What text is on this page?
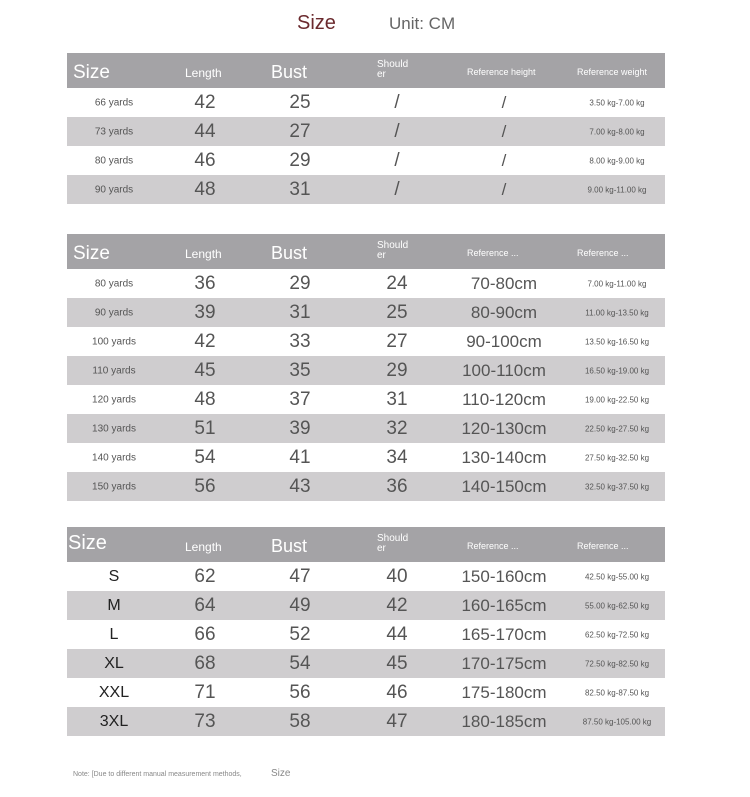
Size	Unit: CM
Size	Length	Bust	Shoulder	Reference height	Reference weight
66 yards	42	25	/	/	3.50 kg-7.00 kg
73 yards	44	27	/	/	7.00 kg-8.00 kg
80 yards	46	29	/	/	8.00 kg-9.00 kg
90 yards	48	31	/	/	9.00 kg-11.00 kg
Size	Length	Bust	Shoulder	Reference ...	Reference ...
80 yards	36	29	24	70-80cm	7.00 kg-11.00 kg
90 yards	39	31	25	80-90cm	11.00 kg-13.50 kg
100 yards	42	33	27	90-100cm	13.50 kg-16.50 kg
110 yards	45	35	29	100-110cm	16.50 kg-19.00 kg
120 yards	48	37	31	110-120cm	19.00 kg-22.50 kg
130 yards	51	39	32	120-130cm	22.50 kg-27.50 kg
140 yards	54	41	34	130-140cm	27.50 kg-32.50 kg
150 yards	56	43	36	140-150cm	32.50 kg-37.50 kg
Size	Length	Bust	Shoulder	Reference ...	Reference ...
S	62	47	40	150-160cm	42.50 kg-55.00 kg
M	64	49	42	160-165cm	55.00 kg-62.50 kg
L	66	52	44	165-170cm	62.50 kg-72.50 kg
XL	68	54	45	170-175cm	72.50 kg-82.50 kg
XXL	71	56	46	175-180cm	82.50 kg-87.50 kg
3XL	73	58	47	180-185cm	87.50 kg-105.00 kg
Note: [Due to different manual measurement methods,	Size
